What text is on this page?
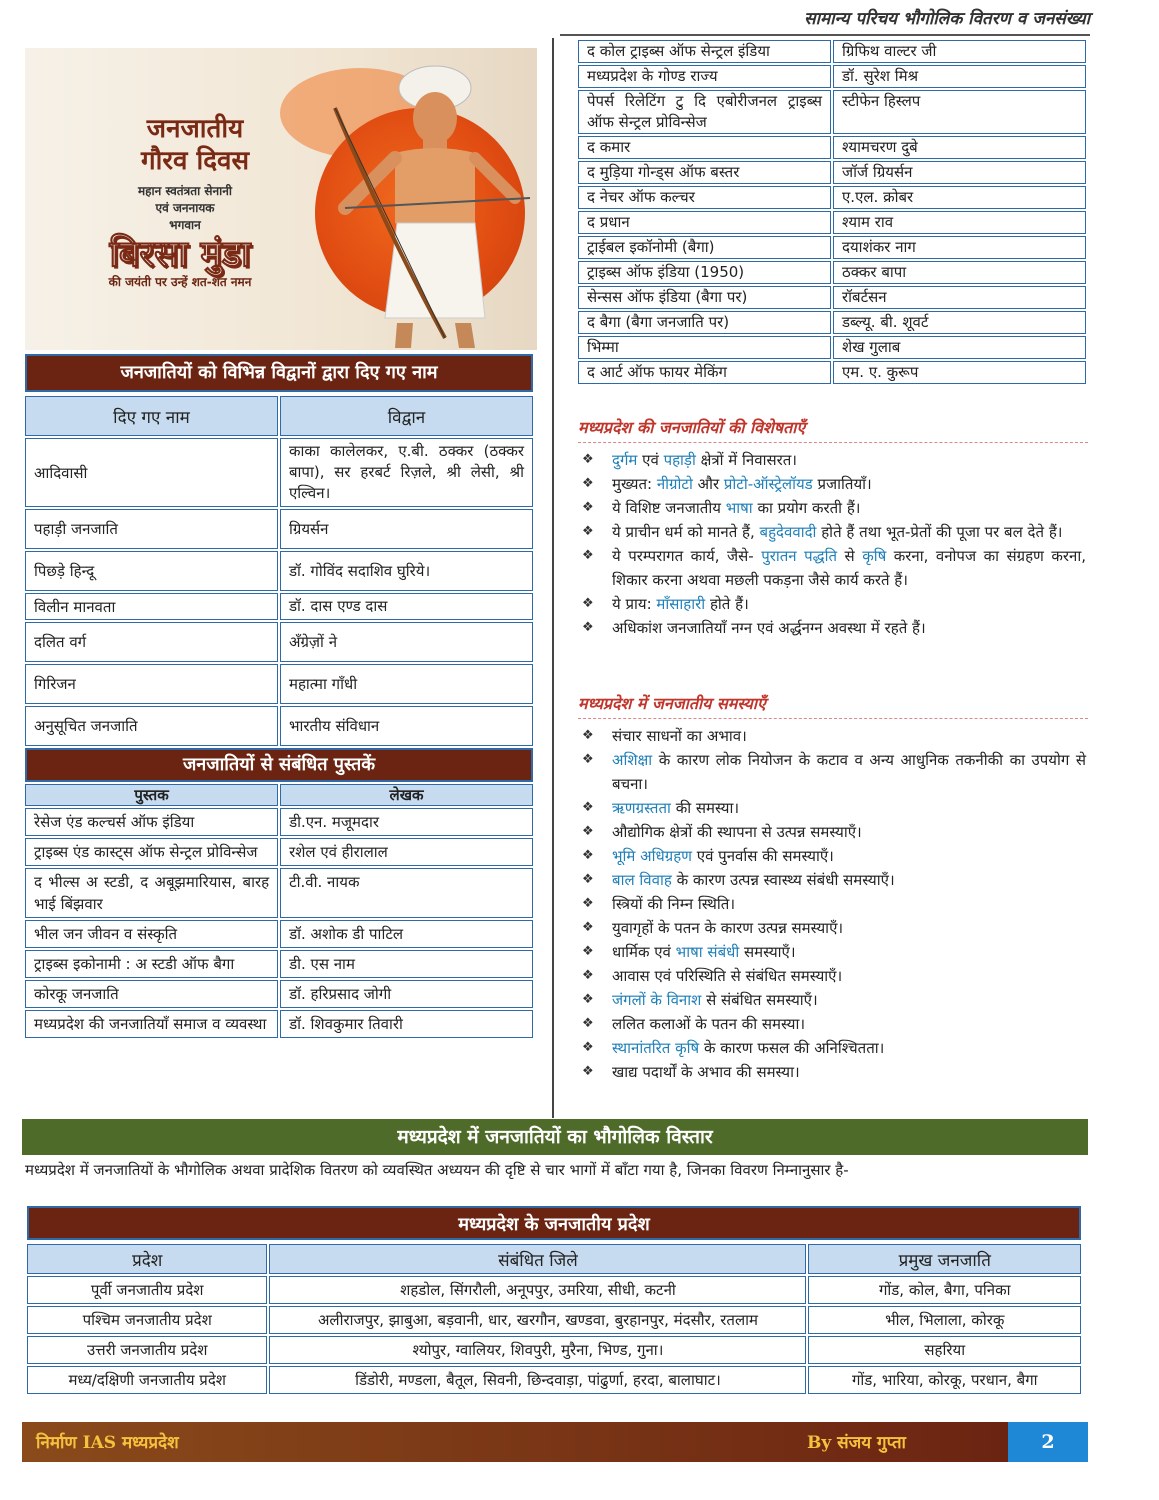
सामान्य परिचय भौगोलिक वितरण व जनसंख्या
जनजातीय
गौरव दिवस
महान स्वतंत्रता सेनानी
एवं जननायक
भगवान
बिरसा मुंडा
की जयंती पर उन्हें शत-शत नमन
जनजातियों को विभिन्न विद्वानों द्वारा दिए गए नाम
दिए गए नाम	विद्वान
आदिवासी	काका कालेलकर, ए.बी. ठक्कर (ठक्कर बापा), सर हरबर्ट रिज़ले, श्री लेसी, श्री एल्विन।
पहाड़ी जनजाति	ग्रियर्सन
पिछड़े हिन्दू	डॉ. गोविंद सदाशिव घुरिये।
विलीन मानवता	डॉ. दास एण्ड दास
दलित वर्ग	अँग्रेज़ों ने
गिरिजन	महात्मा गाँधी
अनुसूचित जनजाति	भारतीय संविधान
जनजातियों से संबंधित पुस्तकें
पुस्तक	लेखक
रेसेज एंड कल्चर्स ऑफ इंडिया	डी.एन. मजूमदार
ट्राइब्स एंड कास्ट्स ऑफ सेन्ट्रल प्रोविन्सेज	रशेल एवं हीरालाल
द भील्स अ स्टडी, द अबूझमारियास, बारह भाई बिंझवार	टी.वी. नायक
भील जन जीवन व संस्कृति	डॉ. अशोक डी पाटिल
ट्राइब्स इकोनामी : अ स्टडी ऑफ बैगा	डी. एस नाम
कोरकू जनजाति	डॉ. हरिप्रसाद जोगी
मध्यप्रदेश की जनजातियाँ समाज व व्यवस्था	डॉ. शिवकुमार तिवारी
द कोल ट्राइब्स ऑफ सेन्ट्रल इंडिया	ग्रिफिथ वाल्टर जी
मध्यप्रदेश के गोण्ड राज्य	डॉ. सुरेश मिश्र
पेपर्स रिलेटिंग टु दि एबोरीजनल ट्राइब्स ऑफ सेन्ट्रल प्रोविन्सेज	स्टीफेन हिस्लप
द कमार	श्यामचरण दुबे
द मुड़िया गोन्ड्स ऑफ बस्तर	जॉर्ज ग्रियर्सन
द नेचर ऑफ कल्चर	ए.एल. क्रोबर
द प्रधान	श्याम राव
ट्राईबल इकॉनोमी (बैगा)	दयाशंकर नाग
ट्राइब्स ऑफ इंडिया (1950)	ठक्कर बापा
सेन्सस ऑफ इंडिया (बैगा पर)	रॉबर्टसन
द बैगा (बैगा जनजाति पर)	डब्ल्यू. बी. शूवर्ट
भिम्मा	शेख गुलाब
द आर्ट ऑफ फायर मेकिंग	एम. ए. कुरूप
मध्यप्रदेश की जनजातियों की विशेषताएँ
❖ दुर्गम एवं पहाड़ी क्षेत्रों में निवासरत।
❖ मुख्यत: नीग्रोटो और प्रोटो-ऑस्ट्रेलॉयड प्रजातियाँ।
❖ ये विशिष्ट जनजातीय भाषा का प्रयोग करती हैं।
❖ ये प्राचीन धर्म को मानते हैं, बहुदेववादी होते हैं तथा भूत-प्रेतों की पूजा पर बल देते हैं।
❖ ये परम्परागत कार्य, जैसे- पुरातन पद्धति से कृषि करना, वनोपज का संग्रहण करना, शिकार करना अथवा मछली पकड़ना जैसे कार्य करते हैं।
❖ ये प्राय: माँसाहारी होते हैं।
❖ अधिकांश जनजातियाँ नग्न एवं अर्द्धनग्न अवस्था में रहते हैं।
मध्यप्रदेश में जनजातीय समस्याएँ
❖ संचार साधनों का अभाव।
❖ अशिक्षा के कारण लोक नियोजन के कटाव व अन्य आधुनिक तकनीकी का उपयोग से बचना।
❖ ऋणग्रस्तता की समस्या।
❖ औद्योगिक क्षेत्रों की स्थापना से उत्पन्न समस्याएँ।
❖ भूमि अधिग्रहण एवं पुनर्वास की समस्याएँ।
❖ बाल विवाह के कारण उत्पन्न स्वास्थ्य संबंधी समस्याएँ।
❖ स्त्रियों की निम्न स्थिति।
❖ युवागृहों के पतन के कारण उत्पन्न समस्याएँ।
❖ धार्मिक एवं भाषा संबंधी समस्याएँ।
❖ आवास एवं परिस्थिति से संबंधित समस्याएँ।
❖ जंगलों के विनाश से संबंधित समस्याएँ।
❖ ललित कलाओं के पतन की समस्या।
❖ स्थानांतरित कृषि के कारण फसल की अनिश्चितता।
❖ खाद्य पदार्थों के अभाव की समस्या।
मध्यप्रदेश में जनजातियों का भौगोलिक विस्तार
मध्यप्रदेश में जनजातियों के भौगोलिक अथवा प्रादेशिक वितरण को व्यवस्थित अध्ययन की दृष्टि से चार भागों में बाँटा गया है, जिनका विवरण निम्नानुसार है-
मध्यप्रदेश के जनजातीय प्रदेश
प्रदेश	संबंधित जिले	प्रमुख जनजाति
पूर्वी जनजातीय प्रदेश	शहडोल, सिंगरौली, अनूपपुर, उमरिया, सीधी, कटनी	गोंड, कोल, बैगा, पनिका
पश्चिम जनजातीय प्रदेश	अलीराजपुर, झाबुआ, बड़वानी, धार, खरगौन, खण्डवा, बुरहानपुर, मंदसौर, रतलाम	भील, भिलाला, कोरकू
उत्तरी जनजातीय प्रदेश	श्योपुर, ग्वालियर, शिवपुरी, मुरैना, भिण्ड, गुना।	सहरिया
मध्य/दक्षिणी जनजातीय प्रदेश	डिंडोरी, मण्डला, बैतूल, सिवनी, छिन्दवाड़ा, पांढुर्णा, हरदा, बालाघाट।	गोंड, भारिया, कोरकू, परधान, बैगा
निर्माण IAS मध्यप्रदेश	By संजय गुप्ता	2
